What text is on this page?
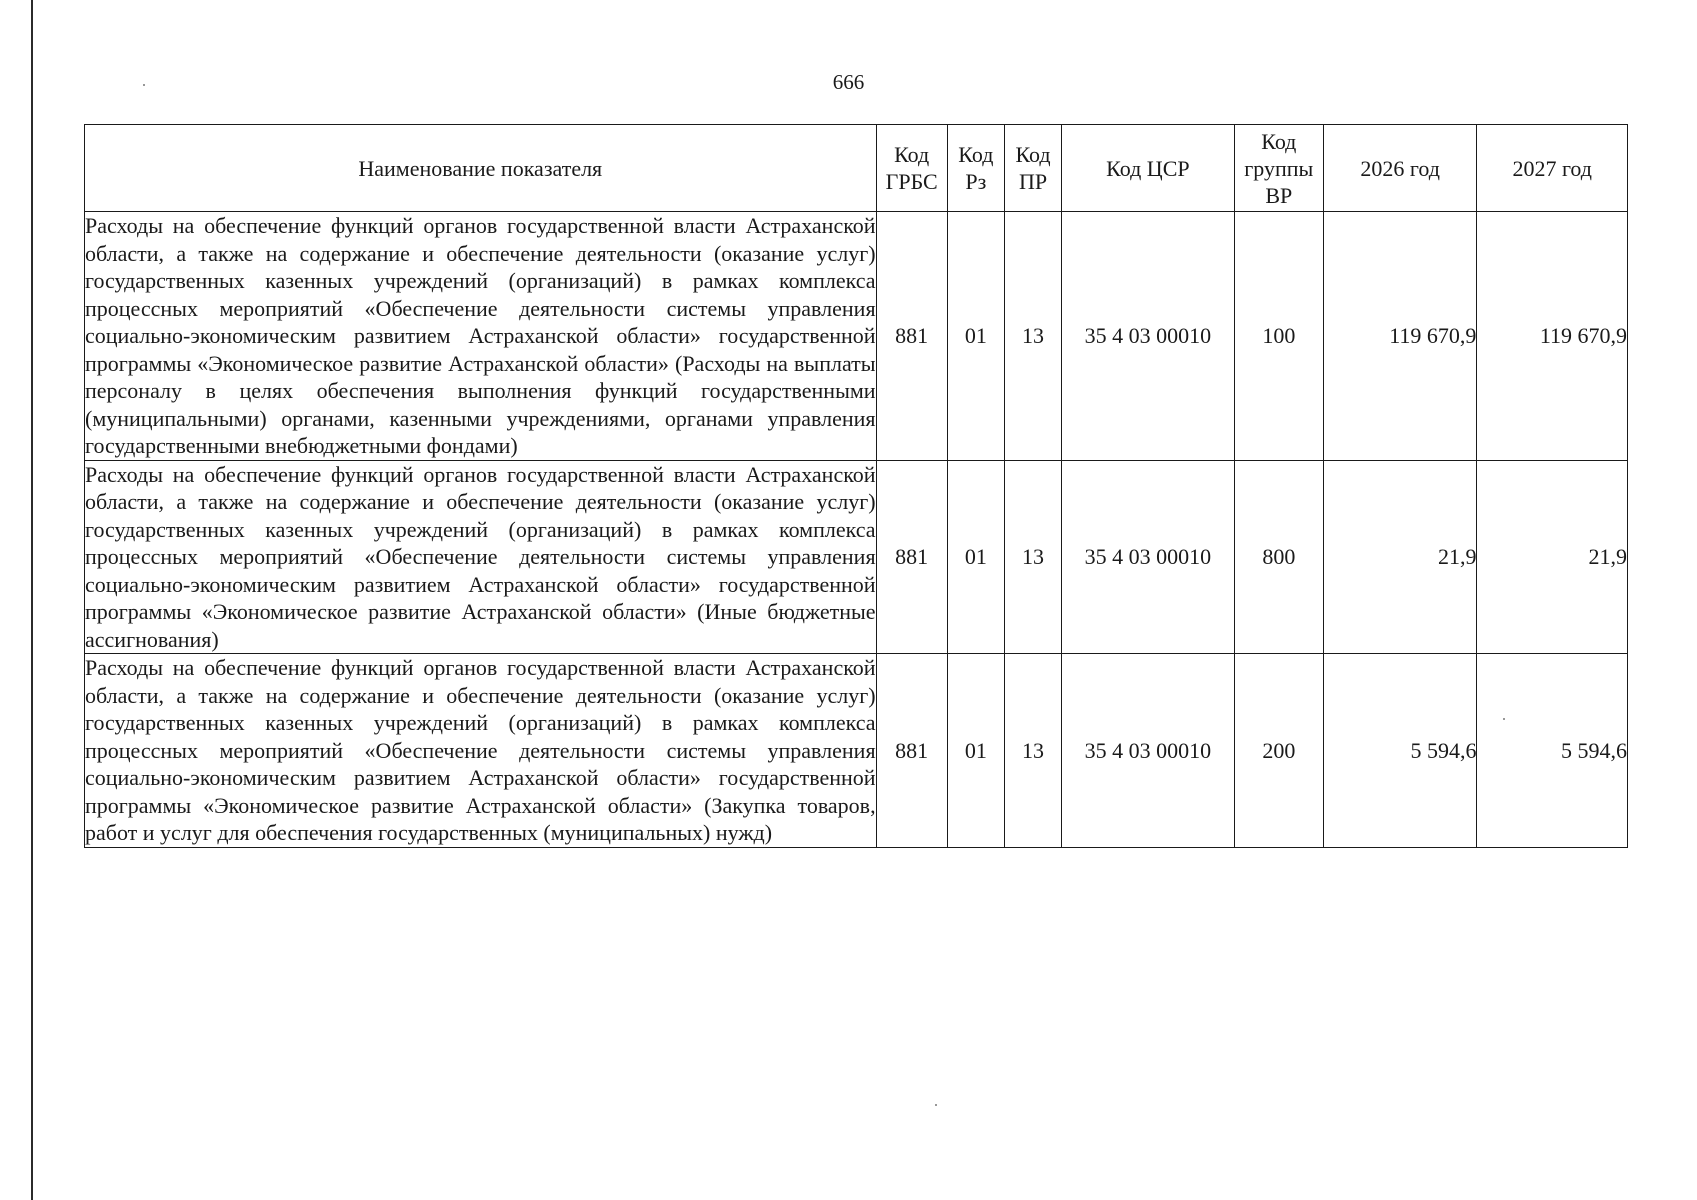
666
Наименование показателя	Код ГРБС	Код Рз	Код ПР	Код ЦСР	Код группы ВР	2026 год	2027 год
Расходы на обеспечение функций органов государственной власти Астраханской области, а также на содержание и обеспечение деятельности (оказание услуг) государственных казенных учреждений (организаций) в рамках комплекса процессных мероприятий «Обеспечение деятельности системы управления социально-экономическим развитием Астраханской области» государственной программы «Экономическое развитие Астраханской области» (Расходы на выплаты персоналу в целях обеспечения выполнения функций государственными (муниципальными) органами, казенными учреждениями, органами управления государственными внебюджетными фондами)	881	01	13	35 4 03 00010	100	119 670,9	119 670,9
Расходы на обеспечение функций органов государственной власти Астраханской области, а также на содержание и обеспечение деятельности (оказание услуг) государственных казенных учреждений (организаций) в рамках комплекса процессных мероприятий «Обеспечение деятельности системы управления социально-экономическим развитием Астраханской области» государственной программы «Экономическое развитие Астраханской области» (Иные бюджетные ассигнования)	881	01	13	35 4 03 00010	800	21,9	21,9
Расходы на обеспечение функций органов государственной власти Астраханской области, а также на содержание и обеспечение деятельности (оказание услуг) государственных казенных учреждений (организаций) в рамках комплекса процессных мероприятий «Обеспечение деятельности системы управления социально-экономическим развитием Астраханской области» государственной программы «Экономическое развитие Астраханской области» (Закупка товаров, работ и услуг для обеспечения государственных (муниципальных) нужд)	881	01	13	35 4 03 00010	200	5 594,6	5 594,6
